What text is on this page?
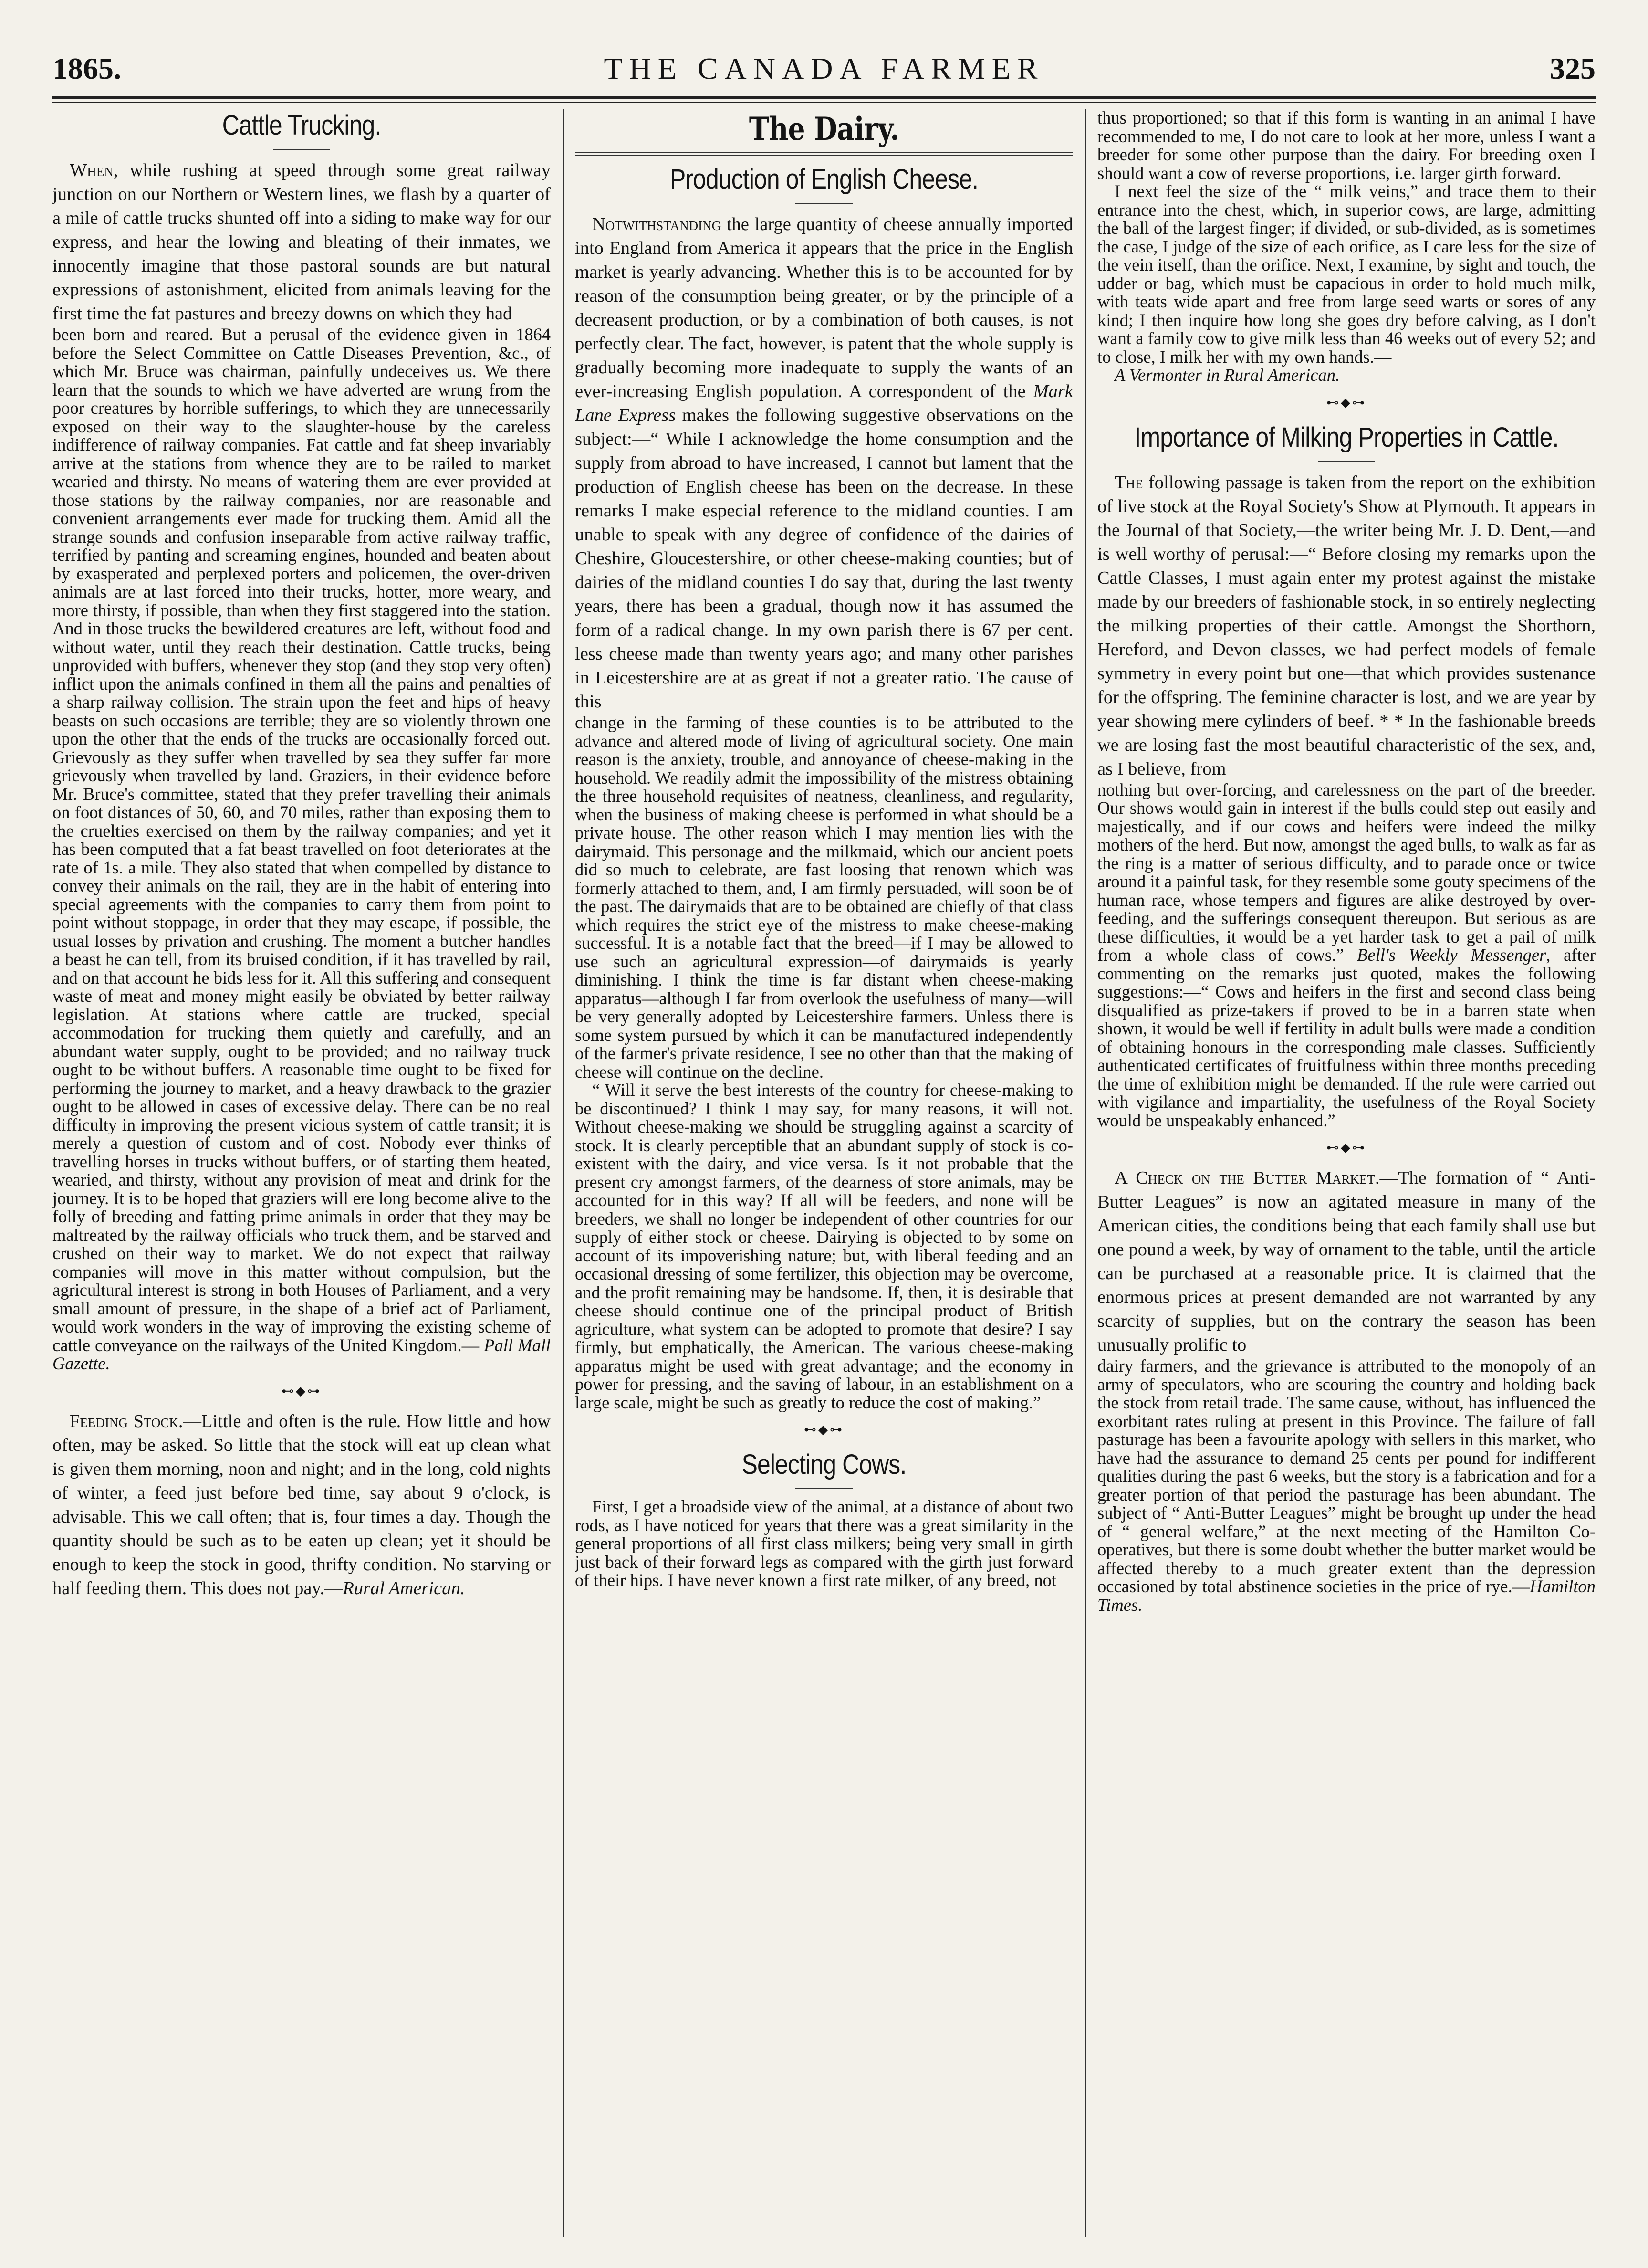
1865.	THE CANADA FARMER	325
Cattle Trucking.

When, while rushing at speed through some great railway junction on our Northern or Western lines, we flash by a quarter of a mile of cattle trucks shunted off into a siding to make way for our express, and hear the lowing and bleating of their inmates, we innocently imagine that those pastoral sounds are but natural expressions of astonishment, elicited from animals leaving for the first time the fat pastures and breezy downs on which they had

been born and reared. But a perusal of the evidence given in 1864 before the Select Committee on Cattle Diseases Prevention, &c., of which Mr. Bruce was chairman, painfully undeceives us. We there learn that the sounds to which we have adverted are wrung from the poor creatures by horrible sufferings, to which they are unnecessarily exposed on their way to the slaughter-house by the careless indifference of railway companies. Fat cattle and fat sheep invariably arrive at the stations from whence they are to be railed to market wearied and thirsty. No means of watering them are ever provided at those stations by the railway companies, nor are reasonable and convenient arrangements ever made for trucking them. Amid all the strange sounds and confusion inseparable from active railway traffic, terrified by panting and screaming engines, hounded and beaten about by exasperated and perplexed porters and policemen, the over-driven animals are at last forced into their trucks, hotter, more weary, and more thirsty, if possible, than when they first staggered into the station. And in those trucks the bewildered creatures are left, without food and without water, until they reach their destination. Cattle trucks, being unprovided with buffers, whenever they stop (and they stop very often) inflict upon the animals confined in them all the pains and penalties of a sharp railway collision. The strain upon the feet and hips of heavy beasts on such occasions are terrible; they are so violently thrown one upon the other that the ends of the trucks are occasionally forced out. Grievously as they suffer when travelled by sea they suffer far more grievously when travelled by land. Graziers, in their evidence before Mr. Bruce's committee, stated that they prefer travelling their animals on foot distances of 50, 60, and 70 miles, rather than exposing them to the cruelties exercised on them by the railway companies; and yet it has been computed that a fat beast travelled on foot deteriorates at the rate of 1s. a mile. They also stated that when compelled by distance to convey their animals on the rail, they are in the habit of entering into special agreements with the companies to carry them from point to point without stoppage, in order that they may escape, if possible, the usual losses by privation and crushing. The moment a butcher handles a beast he can tell, from its bruised condition, if it has travelled by rail, and on that account he bids less for it. All this suffering and consequent waste of meat and money might easily be obviated by better railway legislation. At stations where cattle are trucked, special accommodation for trucking them quietly and carefully, and an abundant water supply, ought to be provided; and no railway truck ought to be without buffers. A reasonable time ought to be fixed for performing the journey to market, and a heavy drawback to the grazier ought to be allowed in cases of excessive delay. There can be no real difficulty in improving the present vicious system of cattle transit; it is merely a question of custom and of cost. Nobody ever thinks of travelling horses in trucks without buffers, or of starting them heated, wearied, and thirsty, without any provision of meat and drink for the journey. It is to be hoped that graziers will ere long become alive to the folly of breeding and fatting prime animals in order that they may be maltreated by the railway officials who truck them, and be starved and crushed on their way to market. We do not expect that railway companies will move in this matter without compulsion, but the agricultural interest is strong in both Houses of Parliament, and a very small amount of pressure, in the shape of a brief act of Parliament, would work wonders in the way of improving the existing scheme of cattle conveyance on the railways of the United Kingdom.— Pall Mall Gazette.

⊷◆⊶

Feeding Stock.—Little and often is the rule. How little and how often, may be asked. So little that the stock will eat up clean what is given them morning, noon and night; and in the long, cold nights of winter, a feed just before bed time, say about 9 o'clock, is advisable. This we call often; that is, four times a day. Though the quantity should be such as to be eaten up clean; yet it should be enough to keep the stock in good, thrifty condition. No starving or half feeding them. This does not pay.—Rural American.

The Dairy.
Production of English Cheese.

Notwithstanding the large quantity of cheese annually imported into England from America it appears that the price in the English market is yearly advancing. Whether this is to be accounted for by reason of the consumption being greater, or by the principle of a decreasent production, or by a combination of both causes, is not perfectly clear. The fact, however, is patent that the whole supply is gradually becoming more inadequate to supply the wants of an ever-increasing English population. A correspondent of the Mark Lane Express makes the following suggestive observations on the subject:—“ While I acknowledge the home consumption and the supply from abroad to have increased, I cannot but lament that the production of English cheese has been on the decrease. In these remarks I make especial reference to the midland counties. I am unable to speak with any degree of confidence of the dairies of Cheshire, Gloucestershire, or other cheese-making counties; but of dairies of the midland counties I do say that, during the last twenty years, there has been a gradual, though now it has assumed the form of a radical change. In my own parish there is 67 per cent. less cheese made than twenty years ago; and many other parishes in Leicestershire are at as great if not a greater ratio. The cause of this

change in the farming of these counties is to be attributed to the advance and altered mode of living of agricultural society. One main reason is the anxiety, trouble, and annoyance of cheese-making in the household. We readily admit the impossibility of the mistress obtaining the three household requisites of neatness, cleanliness, and regularity, when the business of making cheese is performed in what should be a private house. The other reason which I may mention lies with the dairymaid. This personage and the milkmaid, which our ancient poets did so much to celebrate, are fast loosing that renown which was formerly attached to them, and, I am firmly persuaded, will soon be of the past. The dairymaids that are to be obtained are chiefly of that class which requires the strict eye of the mistress to make cheese-making successful. It is a notable fact that the breed—if I may be allowed to use such an agricultural expression—of dairymaids is yearly diminishing. I think the time is far distant when cheese-making apparatus—although I far from overlook the usefulness of many—will be very generally adopted by Leicestershire farmers. Unless there is some system pursued by which it can be manufactured independently of the farmer's private residence, I see no other than that the making of cheese will continue on the decline.

“ Will it serve the best interests of the country for cheese-making to be discontinued? I think I may say, for many reasons, it will not. Without cheese-making we should be struggling against a scarcity of stock. It is clearly perceptible that an abundant supply of stock is co-existent with the dairy, and vice versa. Is it not probable that the present cry amongst farmers, of the dearness of store animals, may be accounted for in this way? If all will be feeders, and none will be breeders, we shall no longer be independent of other countries for our supply of either stock or cheese. Dairying is objected to by some on account of its impoverishing nature; but, with liberal feeding and an occasional dressing of some fertilizer, this objection may be overcome, and the profit remaining may be handsome. If, then, it is desirable that cheese should continue one of the principal product of British agriculture, what system can be adopted to promote that desire? I say firmly, but emphatically, the American. The various cheese-making apparatus might be used with great advantage; and the economy in power for pressing, and the saving of labour, in an establishment on a large scale, might be such as greatly to reduce the cost of making.”

⊷◆⊶
Selecting Cows.

First, I get a broadside view of the animal, at a distance of about two rods, as I have noticed for years that there was a great similarity in the general proportions of all first class milkers; being very small in girth just back of their forward legs as compared with the girth just forward of their hips. I have never known a first rate milker, of any breed, not

thus proportioned; so that if this form is wanting in an animal I have recommended to me, I do not care to look at her more, unless I want a breeder for some other purpose than the dairy. For breeding oxen I should want a cow of reverse proportions, i.e. larger girth forward.

I next feel the size of the “ milk veins,” and trace them to their entrance into the chest, which, in superior cows, are large, admitting the ball of the largest finger; if divided, or sub-divided, as is sometimes the case, I judge of the size of each orifice, as I care less for the size of the vein itself, than the orifice. Next, I examine, by sight and touch, the udder or bag, which must be capacious in order to hold much milk, with teats wide apart and free from large seed warts or sores of any kind; I then inquire how long she goes dry before calving, as I don't want a family cow to give milk less than 46 weeks out of every 52; and to close, I milk her with my own hands.—

A Vermonter in Rural American.

⊷◆⊶
Importance of Milking Properties in Cattle.

The following passage is taken from the report on the exhibition of live stock at the Royal Society's Show at Plymouth. It appears in the Journal of that Society,—the writer being Mr. J. D. Dent,—and is well worthy of perusal:—“ Before closing my remarks upon the Cattle Classes, I must again enter my protest against the mistake made by our breeders of fashionable stock, in so entirely neglecting the milking properties of their cattle. Amongst the Shorthorn, Hereford, and Devon classes, we had perfect models of female symmetry in every point but one—that which provides sustenance for the offspring. The feminine character is lost, and we are year by year showing mere cylinders of beef. * * In the fashionable breeds we are losing fast the most beautiful characteristic of the sex, and, as I believe, from

nothing but over-forcing, and carelessness on the part of the breeder. Our shows would gain in interest if the bulls could step out easily and majestically, and if our cows and heifers were indeed the milky mothers of the herd. But now, amongst the aged bulls, to walk as far as the ring is a matter of serious difficulty, and to parade once or twice around it a painful task, for they resemble some gouty specimens of the human race, whose tempers and figures are alike destroyed by over-feeding, and the sufferings consequent thereupon. But serious as are these difficulties, it would be a yet harder task to get a pail of milk from a whole class of cows.” Bell's Weekly Messenger, after commenting on the remarks just quoted, makes the following suggestions:—“ Cows and heifers in the first and second class being disqualified as prize-takers if proved to be in a barren state when shown, it would be well if fertility in adult bulls were made a condition of obtaining honours in the corresponding male classes. Sufficiently authenticated certificates of fruitfulness within three months preceding the time of exhibition might be demanded. If the rule were carried out with vigilance and impartiality, the usefulness of the Royal Society would be unspeakably enhanced.”

⊷◆⊶

A Check on the Butter Market.—The formation of “ Anti-Butter Leagues” is now an agitated measure in many of the American cities, the conditions being that each family shall use but one pound a week, by way of ornament to the table, until the article can be purchased at a reasonable price. It is claimed that the enormous prices at present demanded are not warranted by any scarcity of supplies, but on the contrary the season has been unusually prolific to

dairy farmers, and the grievance is attributed to the monopoly of an army of speculators, who are scouring the country and holding back the stock from retail trade. The same cause, without, has influenced the exorbitant rates ruling at present in this Province. The failure of fall pasturage has been a favourite apology with sellers in this market, who have had the assurance to demand 25 cents per pound for indifferent qualities during the past 6 weeks, but the story is a fabrication and for a greater portion of that period the pasturage has been abundant. The subject of “ Anti-Butter Leagues” might be brought up under the head of “ general welfare,” at the next meeting of the Hamilton Co-operatives, but there is some doubt whether the butter market would be affected thereby to a much greater extent than the depression occasioned by total abstinence societies in the price of rye.—Hamilton Times.
